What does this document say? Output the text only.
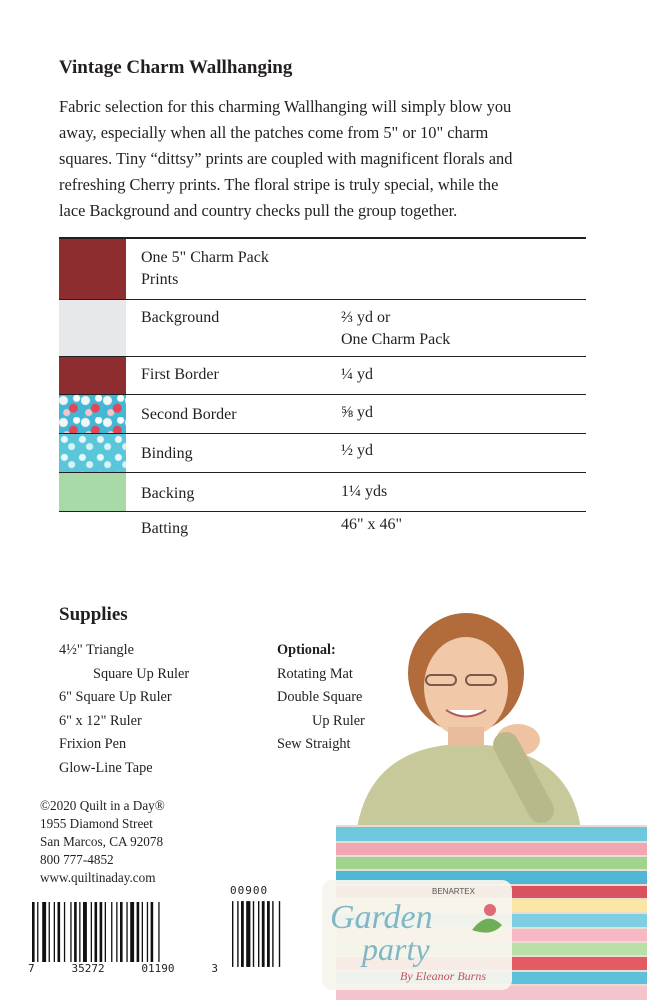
Vintage Charm Wallhanging

Fabric selection for this charming Wallhanging will simply blow you

away, especially when all the patches come from 5" or 10" charm

squares. Tiny “dittsy” prints are coupled with magnificent florals and

refreshing Cherry prints. The floral stripe is truly special, while the

lace Background and country checks pull the group together.

One 5" Charm Pack
Prints
Background	⅔ yd or
One Charm Pack
First Border	¼ yd
Second Border	⅝ yd
Binding	½ yd
Backing	1¼ yds
Batting	46" x 46"
Supplies
4½" Triangle
Square Up Ruler
6" Square Up Ruler
6" x 12" Ruler
Frixion Pen
Glow-Line Tape
Optional:
Rotating Mat
Double Square
Up Ruler
Sew Straight
©2020 Quilt in a Day®
1955 Diamond Street
San Marcos, CA 92078
800 777-4852
www.quiltinaday.com
7	35272	01190	3
00900	BENARTEX
Garden
party
By Eleanor Burns
